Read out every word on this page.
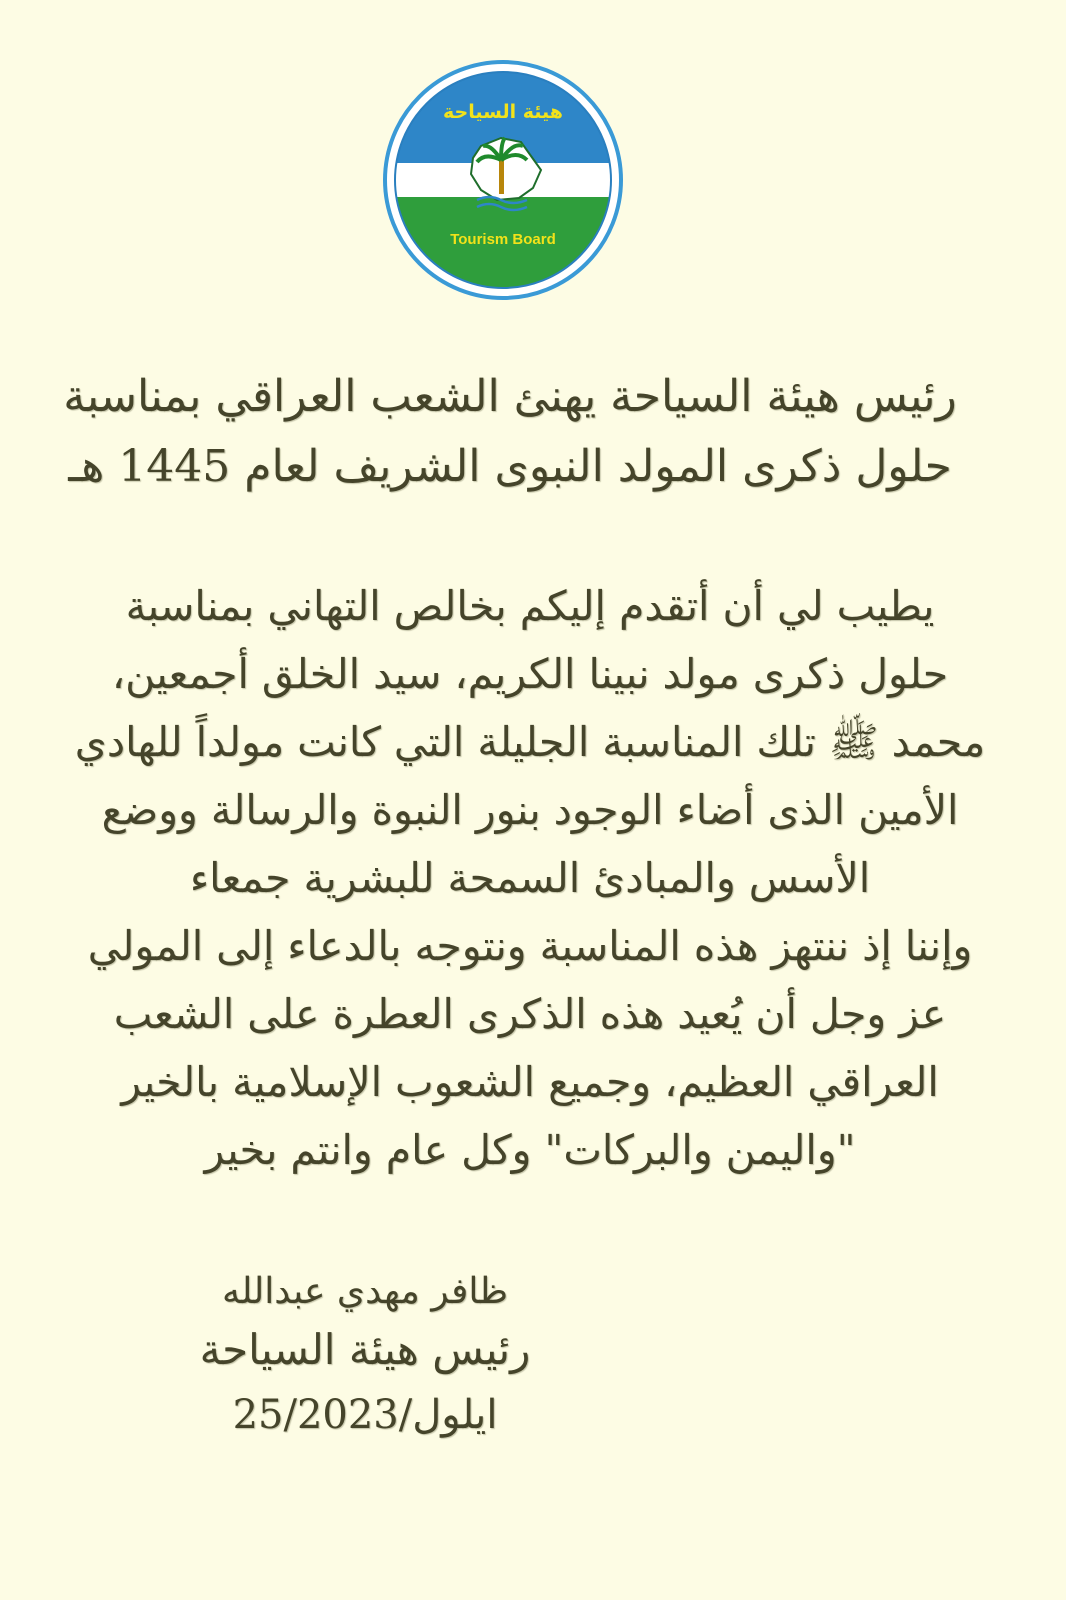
هيئة السياحة
Tourism Board
رئيس هيئة السياحة يهنئ الشعب العراقي بمناسبة
حلول ذكرى المولد النبوى الشريف لعام 1445 هـ
يطيب لي أن أتقدم إليكم بخالص التهاني بمناسبة
حلول ذكرى مولد نبينا الكريم، سيد الخلق أجمعين،
محمد ﷺ تلك المناسبة الجليلة التي كانت مولداً للهادي
الأمين الذى أضاء الوجود بنور النبوة والرسالة ووضع
الأسس والمبادئ السمحة للبشرية جمعاء
وإننا إذ ننتهز هذه المناسبة ونتوجه بالدعاء إلى المولي
عز وجل أن يُعيد هذه الذكرى العطرة على الشعب
العراقي العظيم، وجميع الشعوب الإسلامية بالخير
"واليمن والبركات" وكل عام وانتم بخير
ظافر مهدي عبدالله
رئيس هيئة السياحة
25/ايلول/2023
